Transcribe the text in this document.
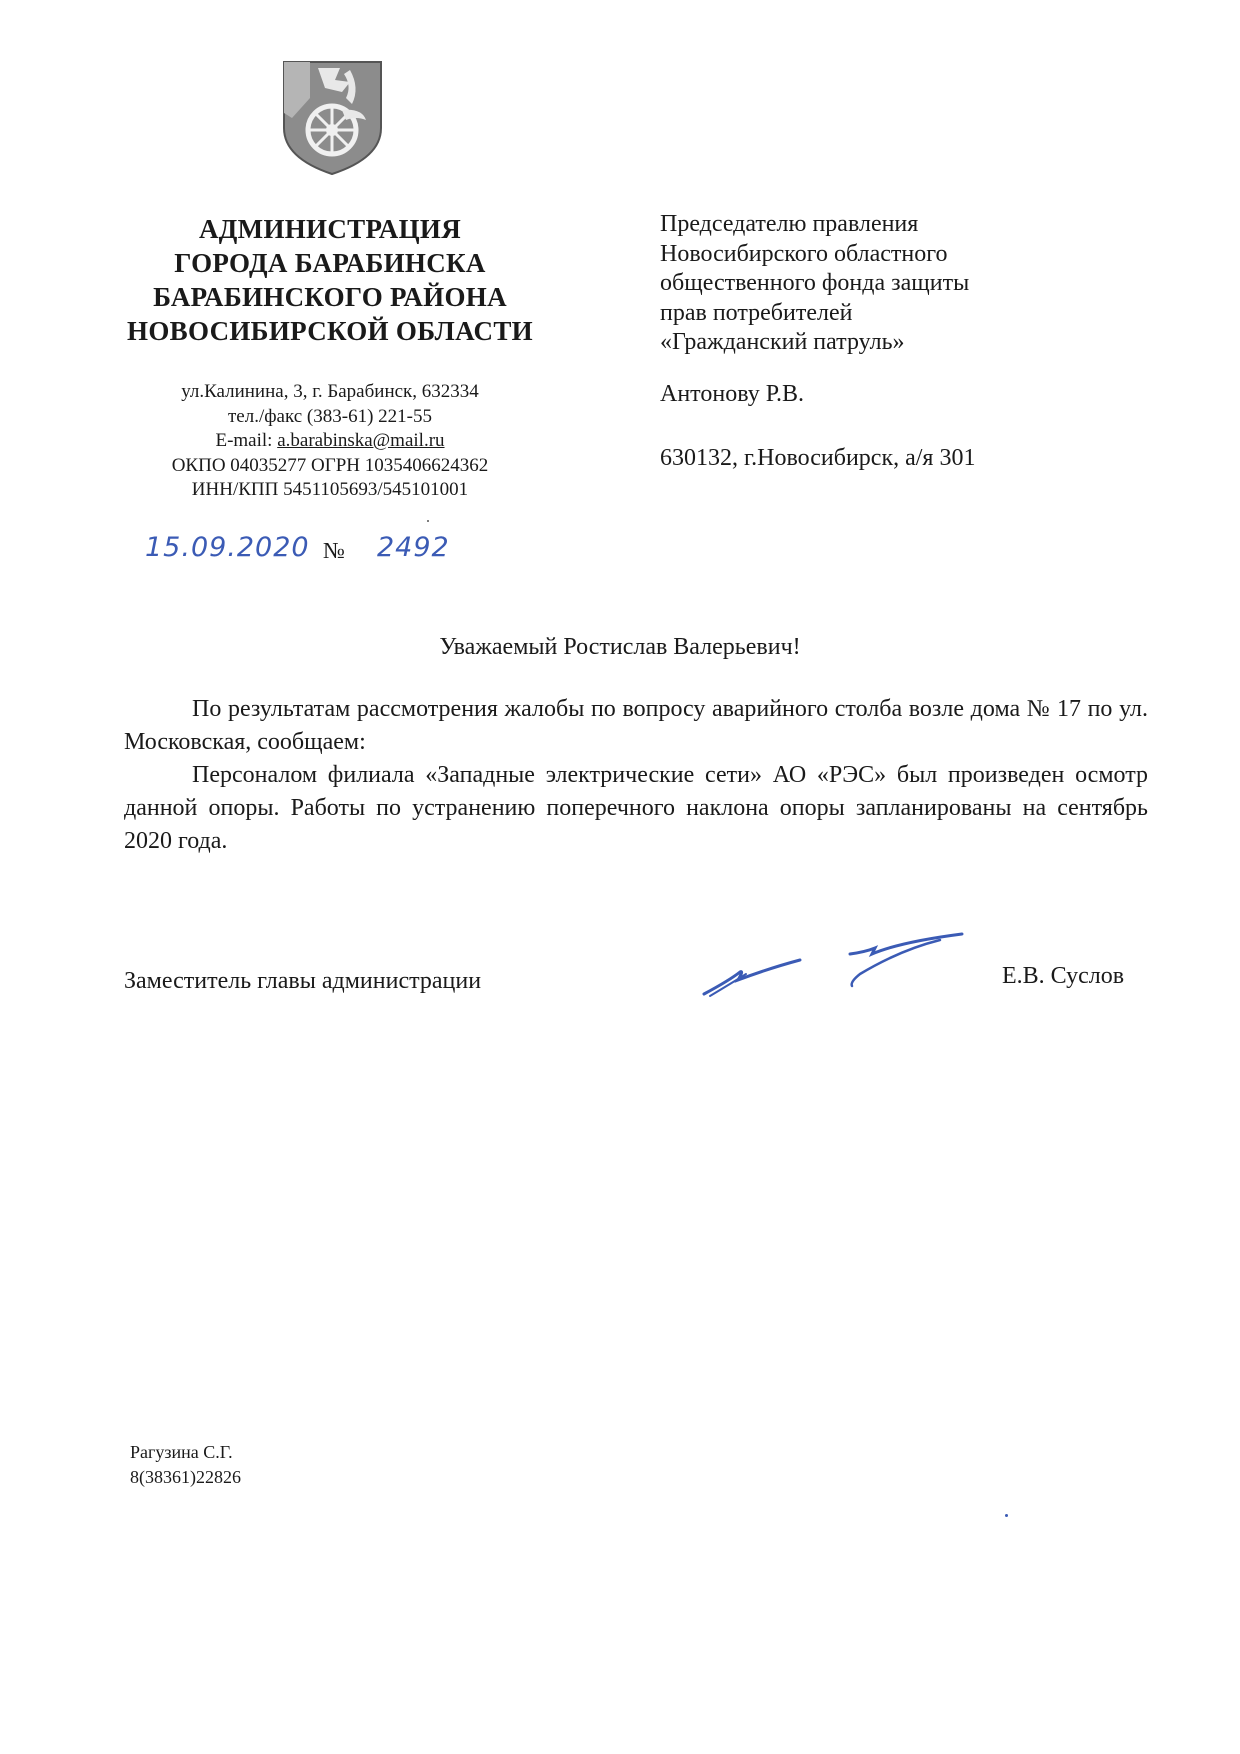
АДМИНИСТРАЦИЯ
ГОРОДА БАРАБИНСКА
БАРАБИНСКОГО РАЙОНА
НОВОСИБИРСКОЙ ОБЛАСТИ
ул.Калинина, 3, г. Барабинск, 632334
тел./факс (383-61) 221-55
E-mail: a.barabinska@mail.ru
ОКПО 04035277 ОГРН 1035406624362
ИНН/КПП 5451105693/545101001
15.09.2020 № 2492
Председателю правления
Новосибирского областного
общественного фонда защиты
прав потребителей
«Гражданский патруль»
Антонову Р.В.
630132, г.Новосибирск, а/я 301
Уважаемый Ростислав Валерьевич!

По результатам рассмотрения жалобы по вопросу аварийного столба возле дома № 17 по ул. Московская, сообщаем:

Персоналом филиала «Западные электрические сети» АО «РЭС» был произведен осмотр данной опоры. Работы по устранению поперечного наклона опоры запланированы на сентябрь 2020 года.

Заместитель главы администрации	Е.В. Суслов
Рагузина С.Г.
8(38361)22826
